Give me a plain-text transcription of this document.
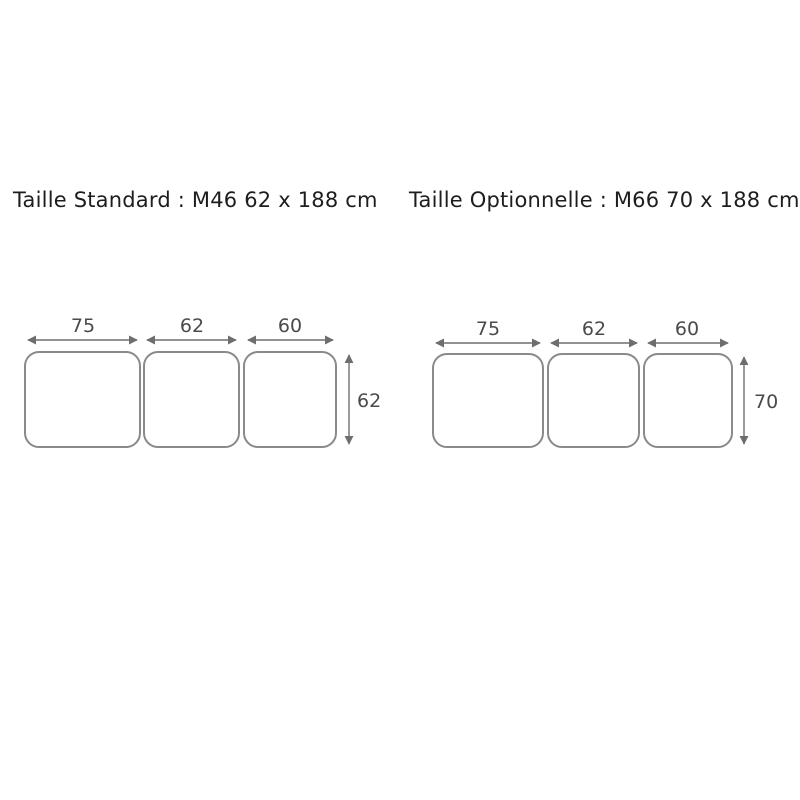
Taille Standard : M46 62 x 188 cm Taille Optionnelle : M66 70 x 188 cm
75	62	60
62
75	62	60
70
